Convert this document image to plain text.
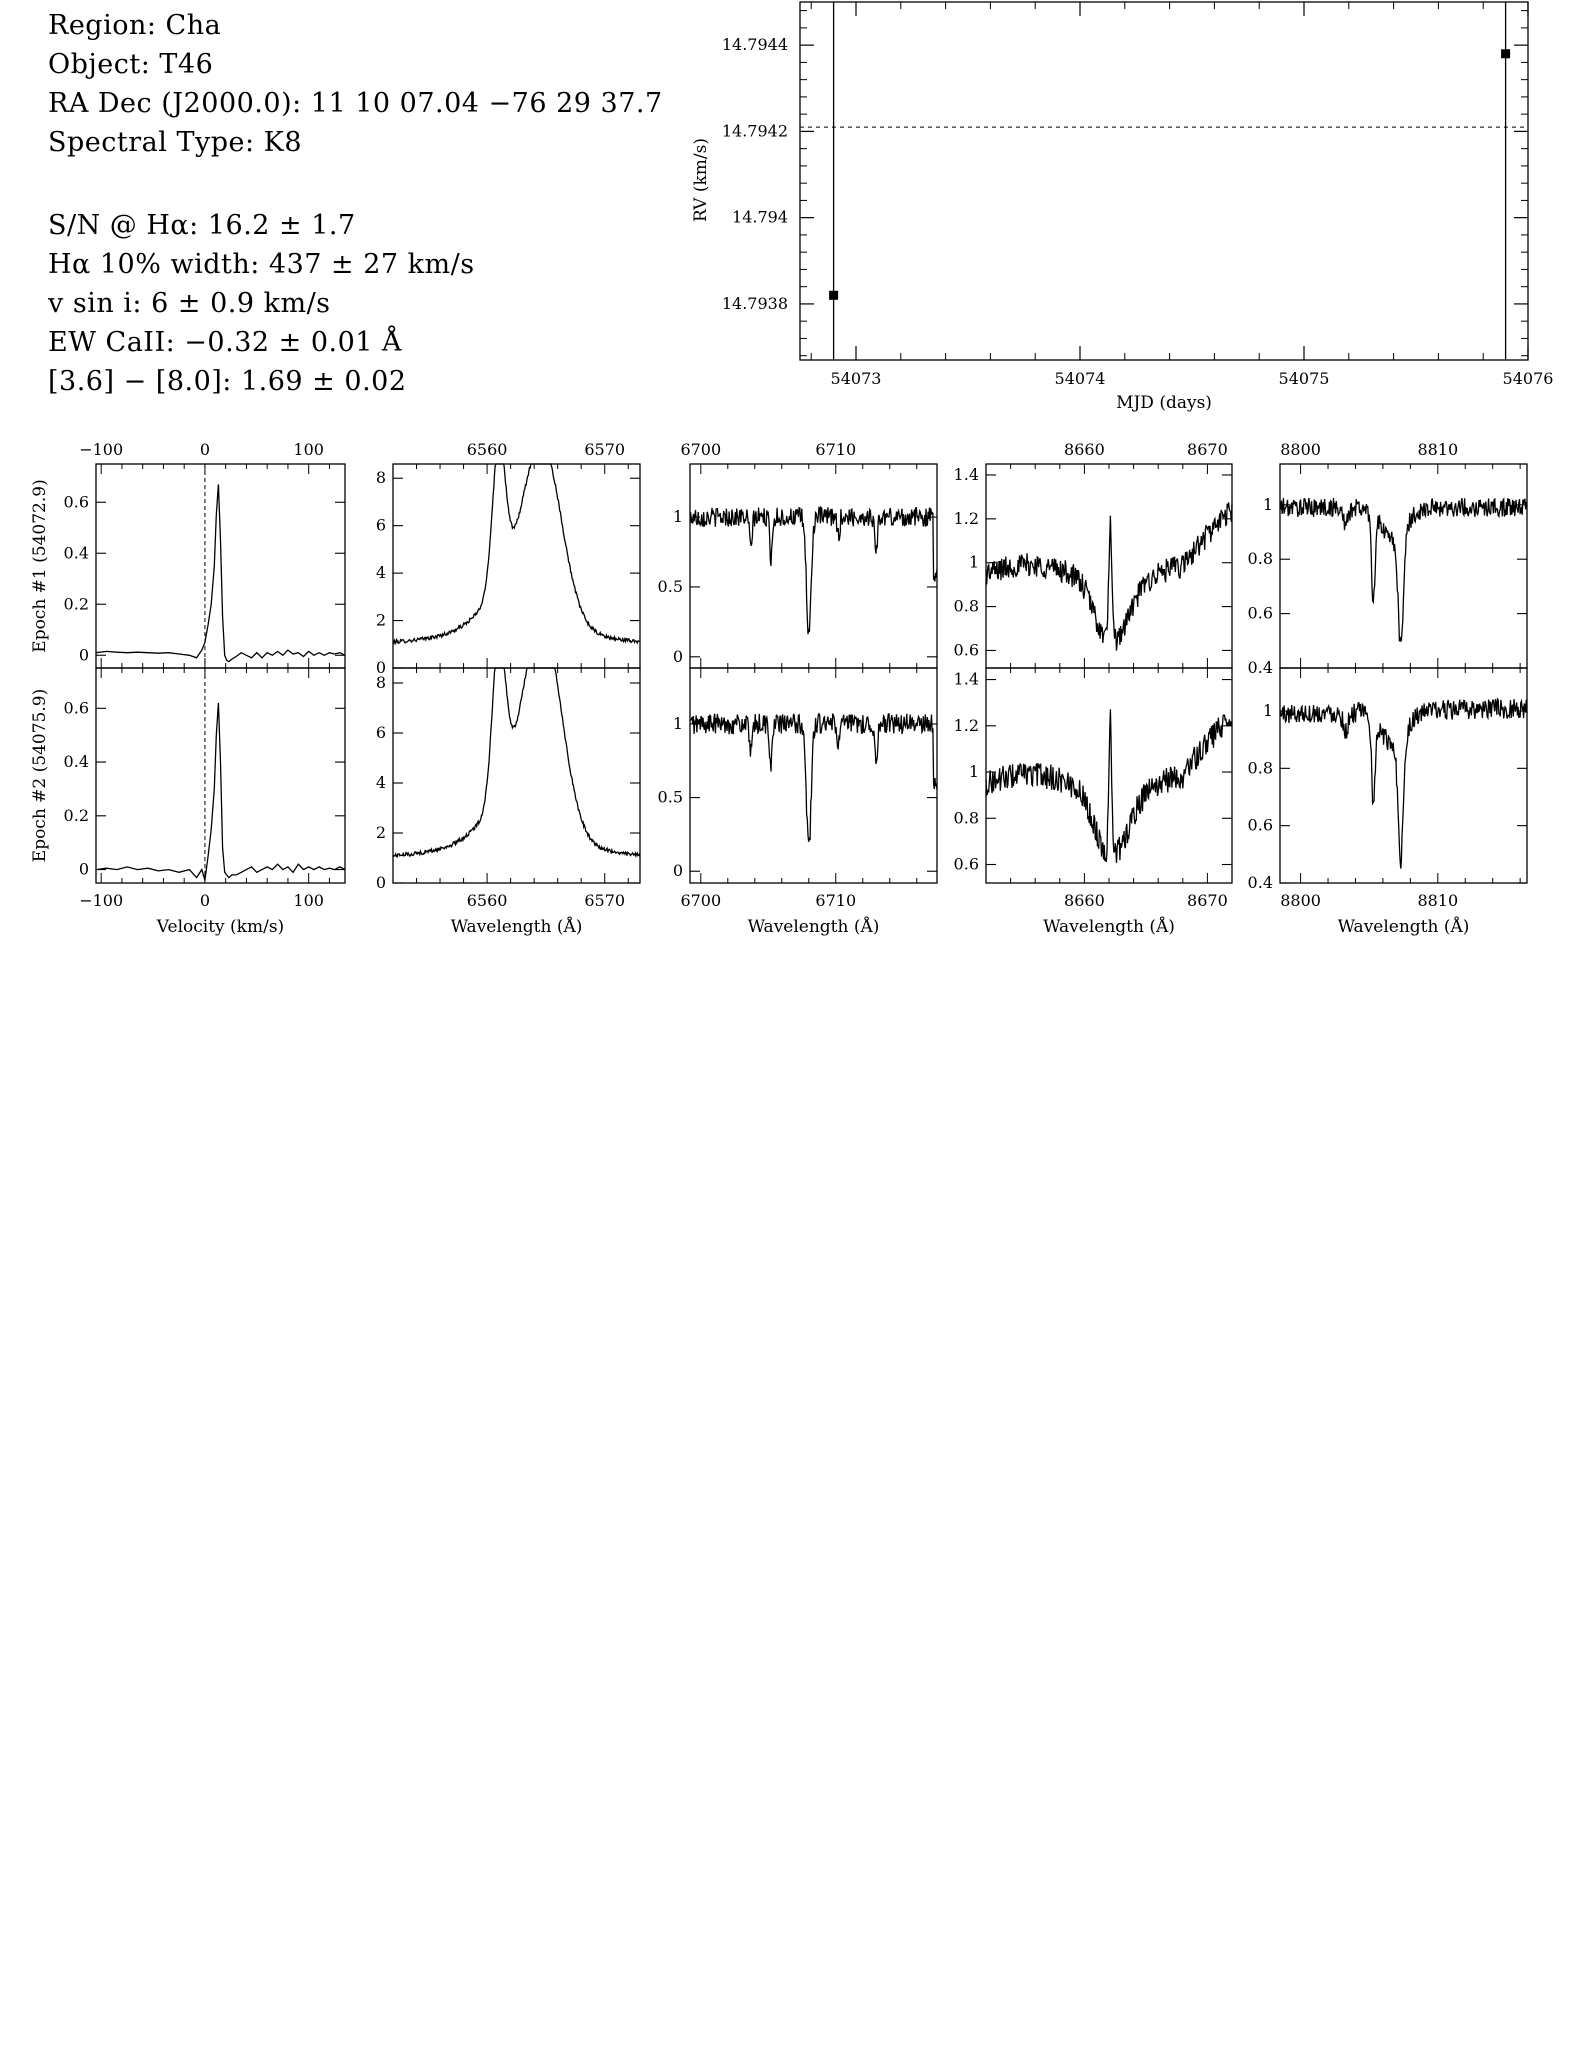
Region: Cha
Object: T46
RA Dec (J2000.0): 11 10 07.04 −76 29 37.7
Spectral Type: K8
S/N @ Hα: 16.2 ± 1.7
Hα 10% width: 437 ± 27 km/s
v sin i: 6 ± 0.9 km/s
EW CaII: −0.32 ± 0.01 Å
[3.6] − [8.0]: 1.69 ± 0.02	54073	54074	54075	54076
14.7938
14.794
14.7942
14.7944
MJD (days)
RV (km/s)
0
0.2
0.4
0.6
0
0.2
0.4
0.6
−100
−100
0
0
100
100
Velocity (km/s)
0
2
4
6
8
0
2
4
6
8
6560
6560
6570
6570
Wavelength (Å)
0
0.5
1
0
0.5
1
6700
6700
6710
6710
Wavelength (Å)
0.6
0.8
1
1.2
1.4
0.6
0.8
1
1.2
1.4
8660
8660
8670
8670
Wavelength (Å)
0.4
0.6
0.8
1
0.4
0.6
0.8
1
8800
8800
8810
8810
Wavelength (Å)
Epoch #1 (54072.9)
Epoch #2 (54075.9)
